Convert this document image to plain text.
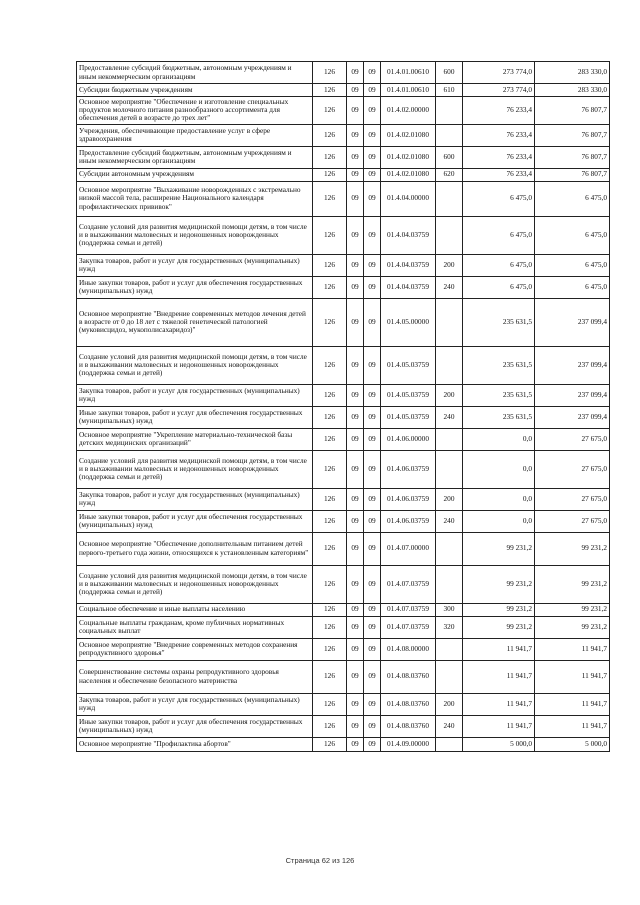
Предоставление субсидий бюджетным, автономным учреждениям и иным некоммерческим организациям	126	09	09	01.4.01.00610	600	273 774,0	283 330,0
Субсидии бюджетным учреждениям	126	09	09	01.4.01.00610	610	273 774,0	283 330,0
Основное мероприятие "Обеспечение и изготовление специальных продуктов молочного питания разнообразного ассортимента для обеспечения детей в возрасте до трех лет"	126	09	09	01.4.02.00000		76 233,4	76 807,7
Учреждения, обеспечивающие предоставление услуг в сфере здравоохранения	126	09	09	01.4.02.01080		76 233,4	76 807,7
Предоставление субсидий бюджетным, автономным учреждениям и иным некоммерческим организациям	126	09	09	01.4.02.01080	600	76 233,4	76 807,7
Субсидии автономным учреждениям	126	09	09	01.4.02.01080	620	76 233,4	76 807,7
Основное мероприятие "Выхаживание новорожденных с экстремально низкой массой тела, расширение Национального календаря профилактических прививок"	126	09	09	01.4.04.00000		6 475,0	6 475,0
Создание условий для развития медицинской помощи детям, в том числе и в выхаживании маловесных и недоношенных новорожденных (поддержка семьи и детей)	126	09	09	01.4.04.03759		6 475,0	6 475,0
Закупка товаров, работ и услуг для государственных (муниципальных) нужд	126	09	09	01.4.04.03759	200	6 475,0	6 475,0
Иные закупки товаров, работ и услуг для обеспечения государственных (муниципальных) нужд	126	09	09	01.4.04.03759	240	6 475,0	6 475,0
Основное мероприятие "Внедрение современных методов лечения детей в возрасте от 0 до 18 лет с тяжелой генетической патологией (муковисцидоз, мукополисахаридоз)"	126	09	09	01.4.05.00000		235 631,5	237 099,4
Создание условий для развития медицинской помощи детям, в том числе и в выхаживании маловесных и недоношенных новорожденных (поддержка семьи и детей)	126	09	09	01.4.05.03759		235 631,5	237 099,4
Закупка товаров, работ и услуг для государственных (муниципальных) нужд	126	09	09	01.4.05.03759	200	235 631,5	237 099,4
Иные закупки товаров, работ и услуг для обеспечения государственных (муниципальных) нужд	126	09	09	01.4.05.03759	240	235 631,5	237 099,4
Основное мероприятие "Укрепление материально-технической базы детских медицинских организаций"	126	09	09	01.4.06.00000		0,0	27 675,0
Создание условий для развития медицинской помощи детям, в том числе и в выхаживании маловесных и недоношенных новорожденных (поддержка семьи и детей)	126	09	09	01.4.06.03759		0,0	27 675,0
Закупка товаров, работ и услуг для государственных (муниципальных) нужд	126	09	09	01.4.06.03759	200	0,0	27 675,0
Иные закупки товаров, работ и услуг для обеспечения государственных (муниципальных) нужд	126	09	09	01.4.06.03759	240	0,0	27 675,0
Основное мероприятие "Обеспечение дополнительным питанием детей первого-третьего года жизни, относящихся к установленным категориям"	126	09	09	01.4.07.00000		99 231,2	99 231,2
Создание условий для развития медицинской помощи детям, в том числе и в выхаживании маловесных и недоношенных новорожденных (поддержка семьи и детей)	126	09	09	01.4.07.03759		99 231,2	99 231,2
Социальное обеспечение и иные выплаты населению	126	09	09	01.4.07.03759	300	99 231,2	99 231,2
Социальные выплаты гражданам, кроме публичных нормативных социальных выплат	126	09	09	01.4.07.03759	320	99 231,2	99 231,2
Основное мероприятие "Внедрение современных методов сохранения репродуктивного здоровья"	126	09	09	01.4.08.00000		11 941,7	11 941,7
Совершенствование системы охраны репродуктивного здоровья населения и обеспечение безопасного материнства	126	09	09	01.4.08.03760		11 941,7	11 941,7
Закупка товаров, работ и услуг для государственных (муниципальных) нужд	126	09	09	01.4.08.03760	200	11 941,7	11 941,7
Иные закупки товаров, работ и услуг для обеспечения государственных (муниципальных) нужд	126	09	09	01.4.08.03760	240	11 941,7	11 941,7
Основное мероприятие "Профилактика абортов"	126	09	09	01.4.09.00000		5 000,0	5 000,0
Страница 62 из 126
